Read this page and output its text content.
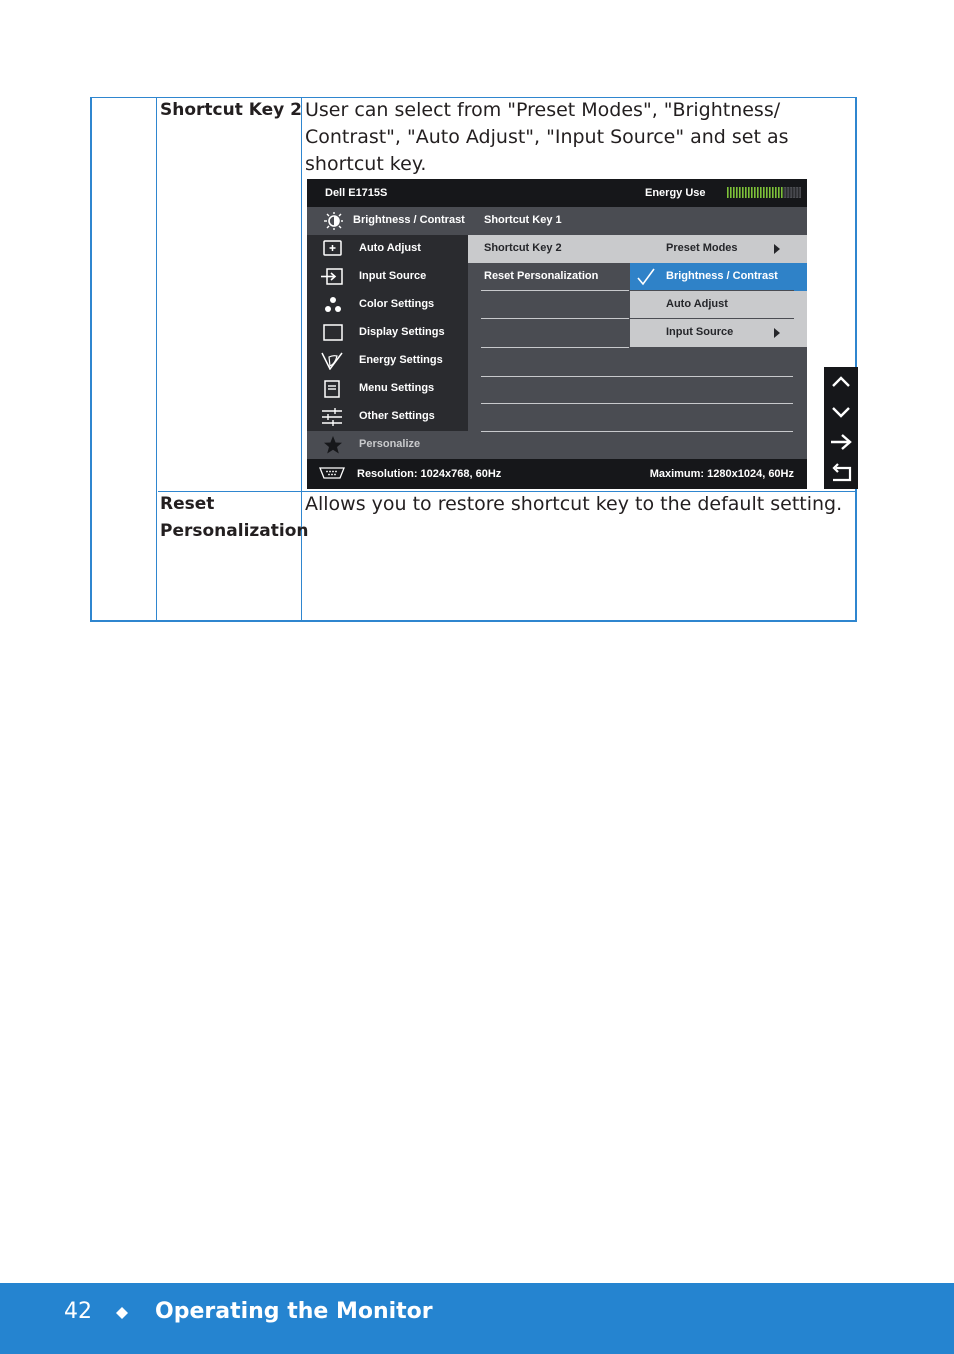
Shortcut Key 2 User can select from "Preset Modes", "Brightness/ Contrast", "Auto Adjust", "Input Source" and set as shortcut key.
Reset
Personalization
Allows you to restore shortcut key to the default setting.
Dell E1715S	Energy Use
Brightness / Contrast
Auto Adjust
Input Source
Color Settings
Display Settings
Energy Settings
Menu Settings
Other Settings
Personalize
Shortcut Key 1
Shortcut Key 2
Reset Personalization
Preset Modes
Brightness / Contrast
Auto Adjust
Input Source
Resolution: 1024x768, 60Hz	Maximum: 1280x1024, 60Hz
42	Operating the Monitor
